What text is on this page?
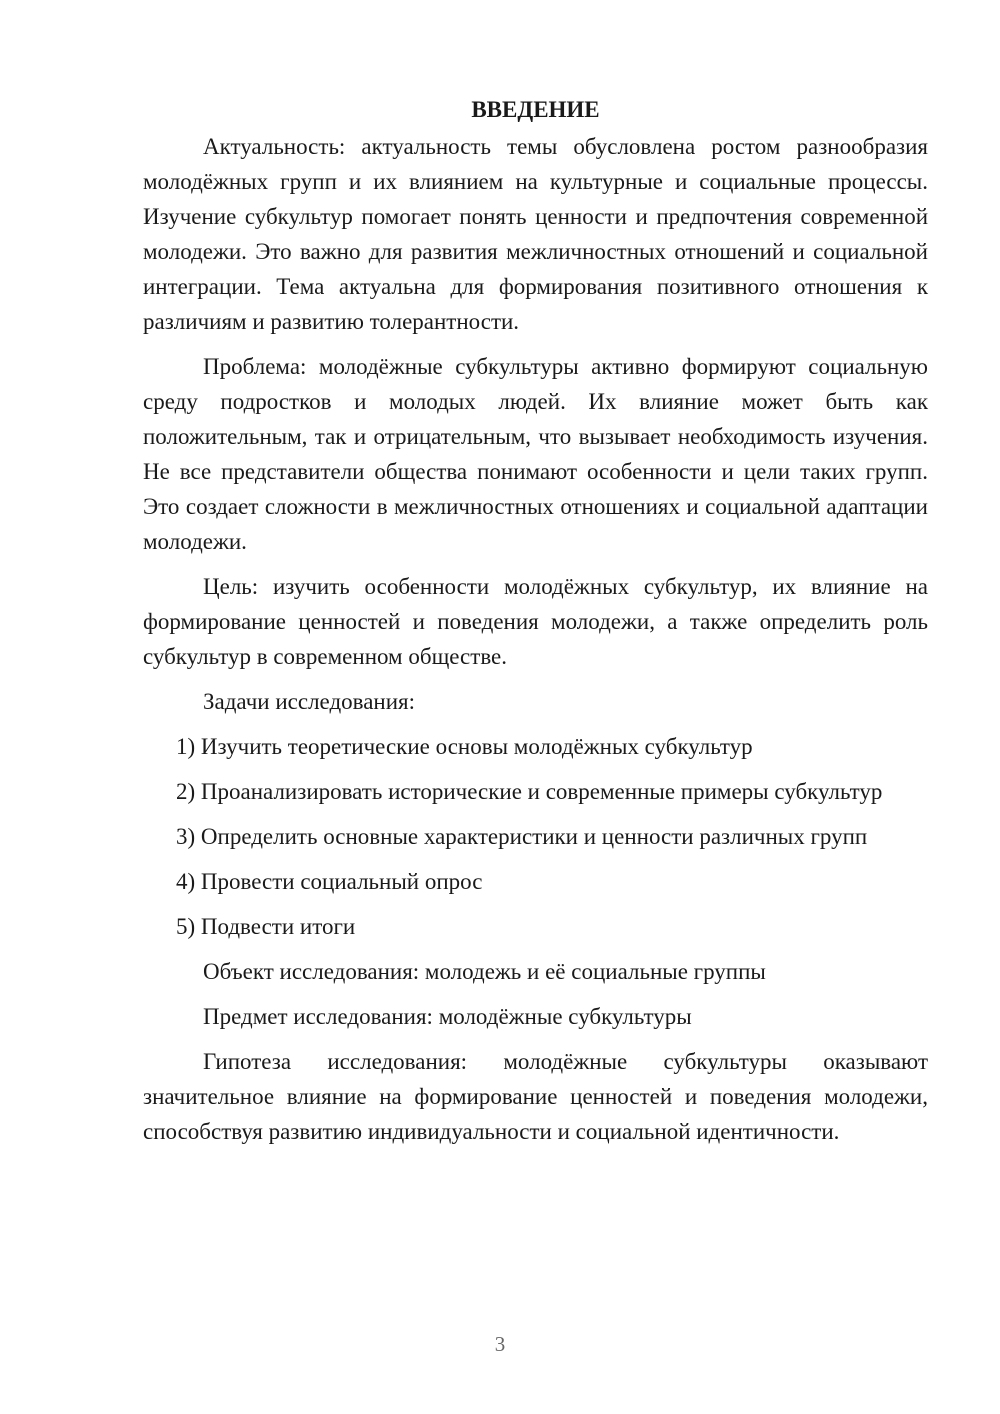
ВВЕДЕНИЕ

Актуальность: актуальность темы обусловлена ростом разнообразия молодёжных групп и их влиянием на культурные и социальные процессы. Изучение субкультур помогает понять ценности и предпочтения современной молодежи. Это важно для развития межличностных отношений и социальной интеграции. Тема актуальна для формирования позитивного отношения к различиям и развитию толерантности.

Проблема: молодёжные субкультуры активно формируют социальную среду подростков и молодых людей. Их влияние может быть как положительным, так и отрицательным, что вызывает необходимость изучения. Не все представители общества понимают особенности и цели таких групп. Это создает сложности в межличностных отношениях и социальной адаптации молодежи.

Цель: изучить особенности молодёжных субкультур, их влияние на формирование ценностей и поведения молодежи, а также определить роль субкультур в современном обществе.

Задачи исследования:

1) Изучить теоретические основы молодёжных субкультур

2) Проанализировать исторические и современные примеры субкультур

3) Определить основные характеристики и ценности различных групп

4) Провести социальный опрос

5) Подвести итоги

Объект исследования: молодежь и её социальные группы

Предмет исследования: молодёжные субкультуры

Гипотеза исследования: молодёжные субкультуры оказывают значительное влияние на формирование ценностей и поведения молодежи, способствуя развитию индивидуальности и социальной идентичности.

3
